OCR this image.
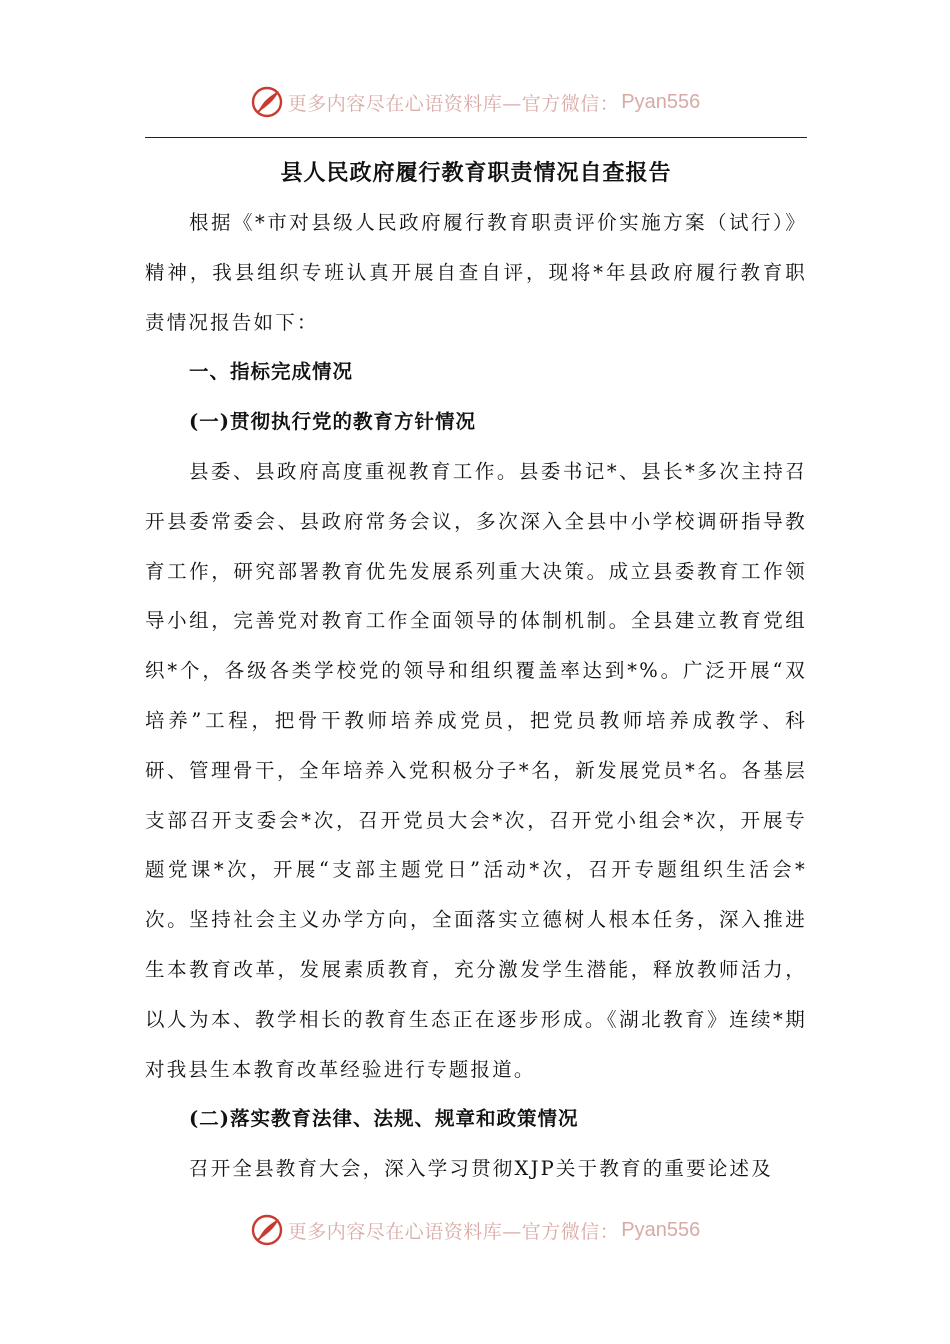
更多内容尽在心语资料库—官方微信： Pyan556
县人民政府履行教育职责情况自查报告

根据《*市对县级人民政府履行教育职责评价实施方案（试行）》精神，我县组织专班认真开展自查自评，现将*年县政府履行教育职责情况报告如下：

一、指标完成情况

(一)贯彻执行党的教育方针情况

县委、县政府高度重视教育工作。县委书记*、县长*多次主持召开县委常委会、县政府常务会议，多次深入全县中小学校调研指导教育工作，研究部署教育优先发展系列重大决策。成立县委教育工作领导小组，完善党对教育工作全面领导的体制机制。全县建立教育党组织*个，各级各类学校党的领导和组织覆盖率达到*%。广泛开展“双培养”工程，把骨干教师培养成党员，把党员教师培养成教学、科研、管理骨干，全年培养入党积极分子*名，新发展党员*名。各基层支部召开支委会*次，召开党员大会*次，召开党小组会*次，开展专题党课*次，开展“支部主题党日”活动*次，召开专题组织生活会*次。坚持社会主义办学方向，全面落实立德树人根本任务，深入推进生本教育改革，发展素质教育，充分激发学生潜能，释放教师活力，以人为本、教学相长的教育生态正在逐步形成。《湖北教育》连续*期对我县生本教育改革经验进行专题报道。

(二)落实教育法律、法规、规章和政策情况

召开全县教育大会，深入学习贯彻XJP关于教育的重要论述及

更多内容尽在心语资料库—官方微信： Pyan556
